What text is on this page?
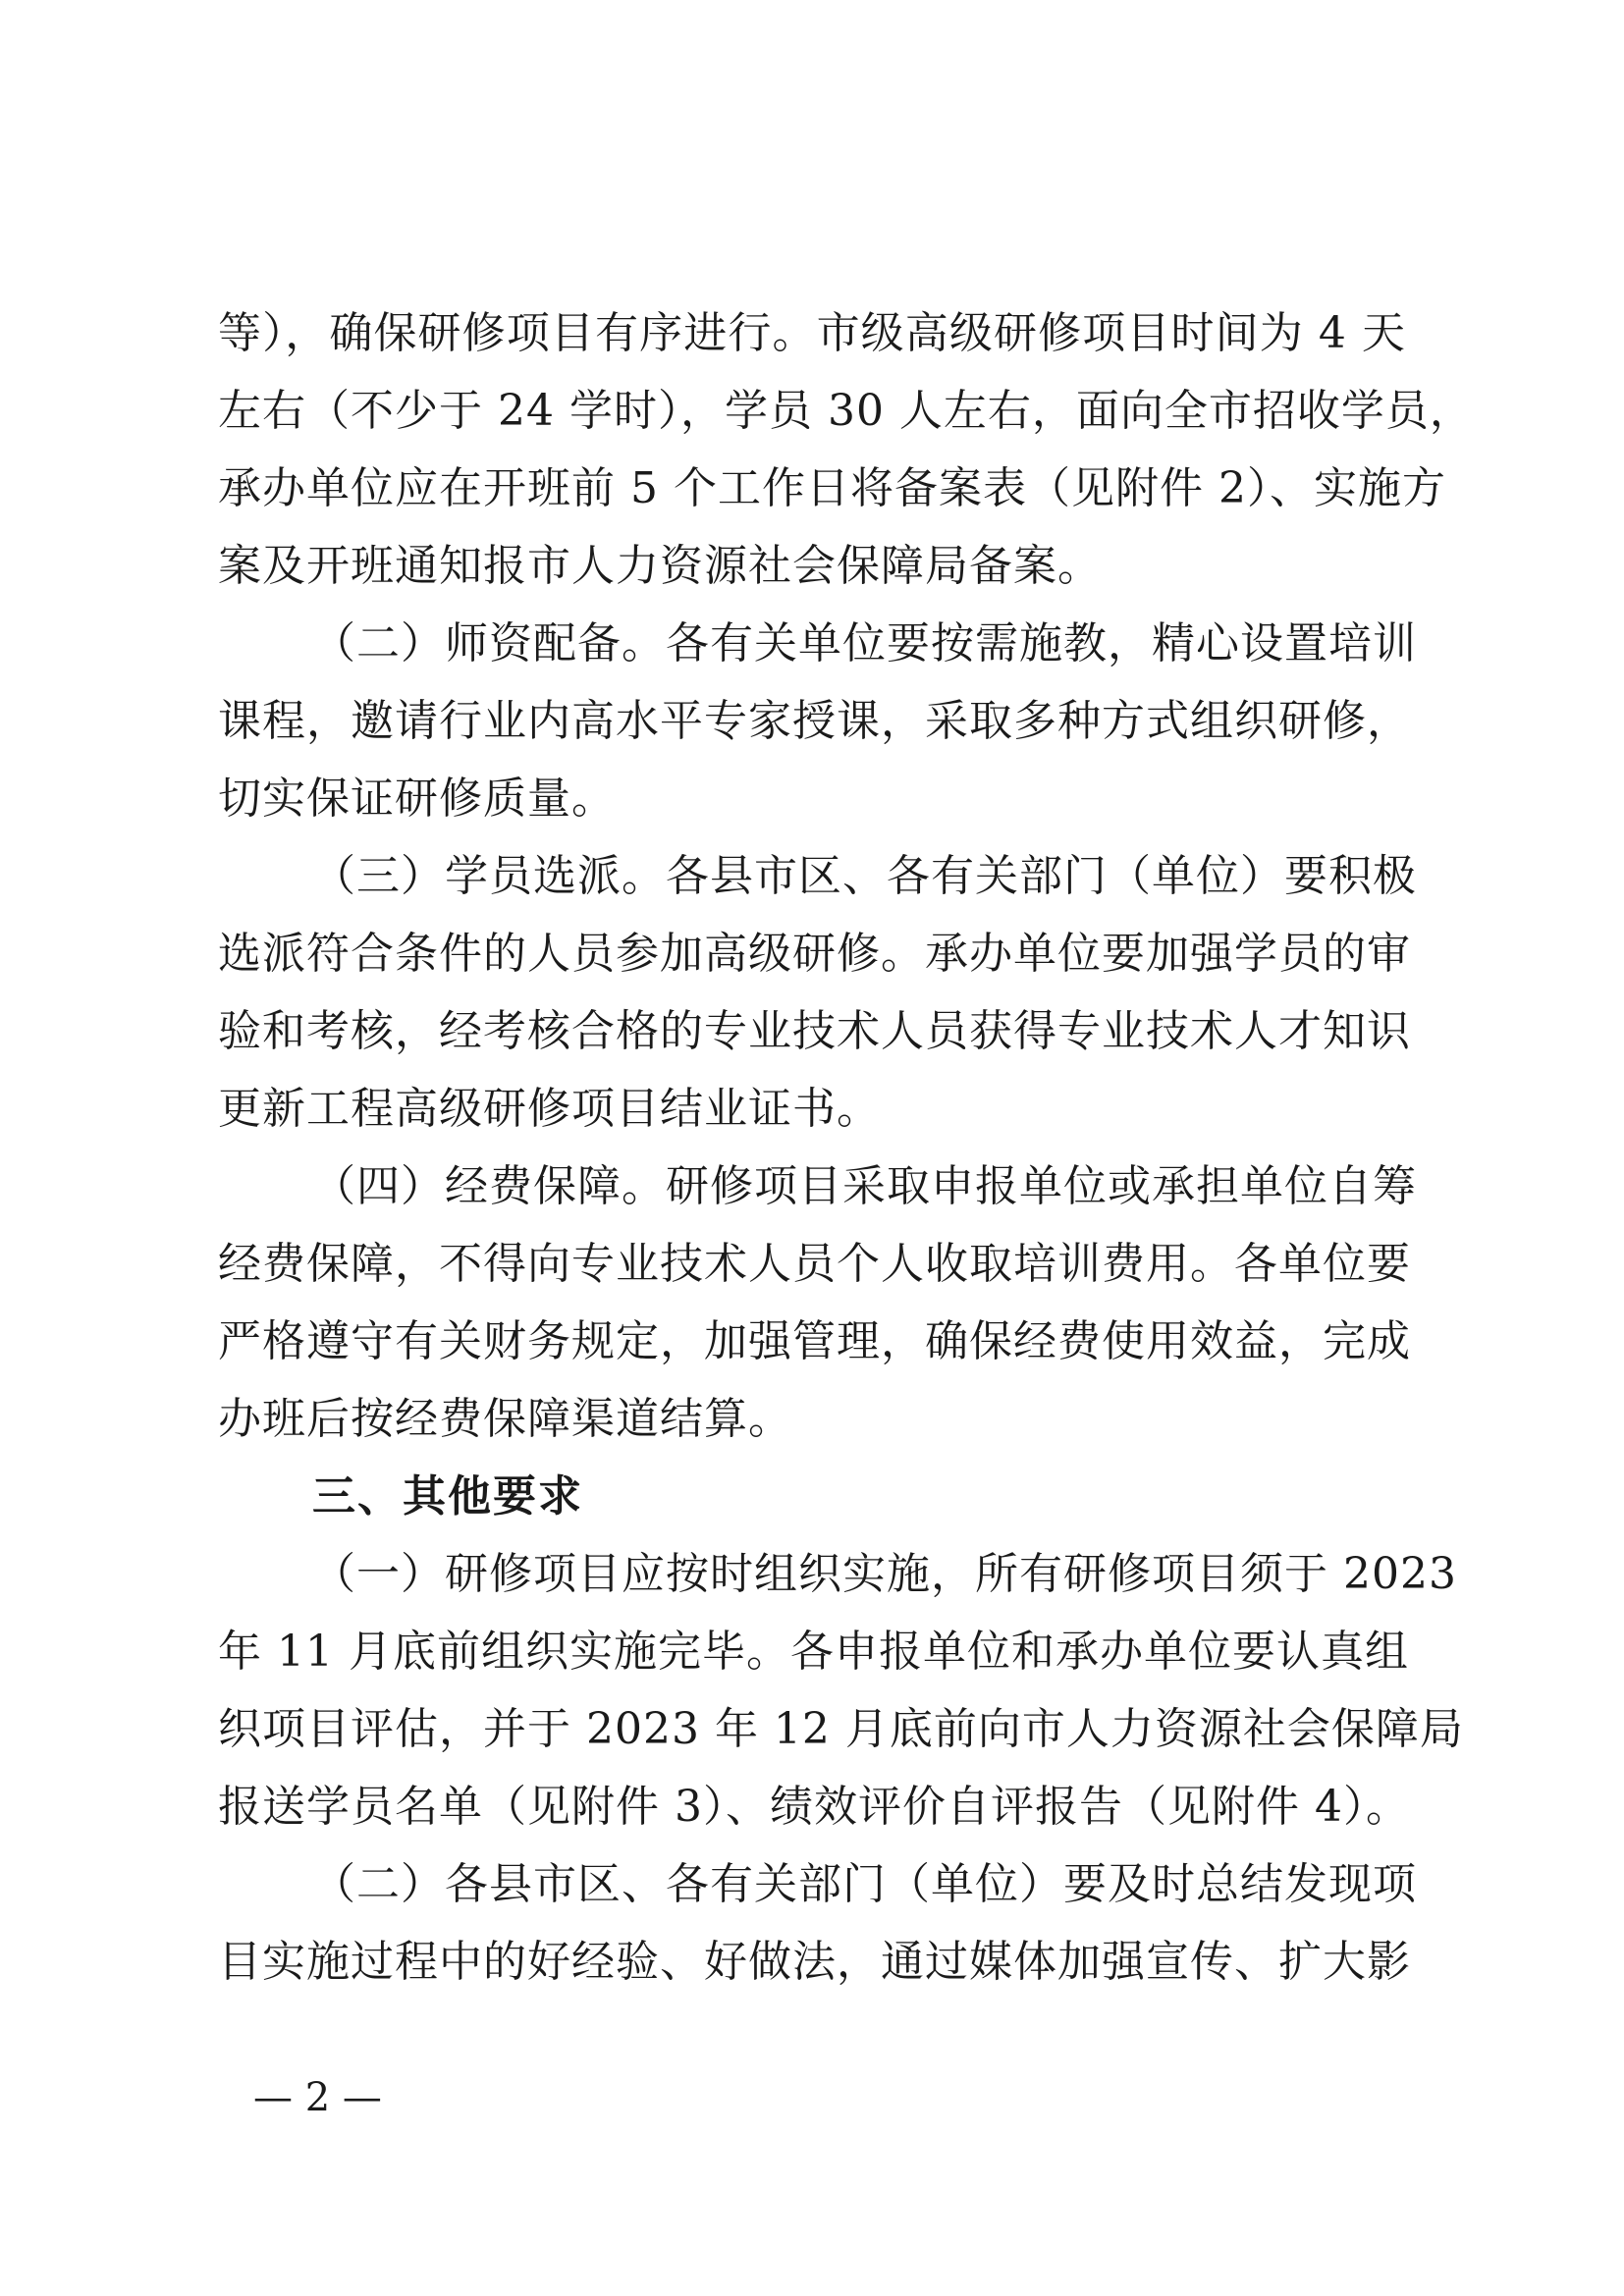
等），确保研修项目有序进行。市级高级研修项目时间为 4 天
左右（不少于 24 学时），学员 30 人左右，面向全市招收学员，
承办单位应在开班前 5 个工作日将备案表（见附件 2）、实施方
案及开班通知报市人力资源社会保障局备案。
（二）师资配备。各有关单位要按需施教，精心设置培训
课程，邀请行业内高水平专家授课，采取多种方式组织研修，
切实保证研修质量。
（三）学员选派。各县市区、各有关部门（单位）要积极
选派符合条件的人员参加高级研修。承办单位要加强学员的审
验和考核，经考核合格的专业技术人员获得专业技术人才知识
更新工程高级研修项目结业证书。
（四）经费保障。研修项目采取申报单位或承担单位自筹
经费保障，不得向专业技术人员个人收取培训费用。各单位要
严格遵守有关财务规定，加强管理，确保经费使用效益，完成
办班后按经费保障渠道结算。
三、其他要求
（一）研修项目应按时组织实施，所有研修项目须于 2023
年 11 月底前组织实施完毕。各申报单位和承办单位要认真组
织项目评估，并于 2023 年 12 月底前向市人力资源社会保障局
报送学员名单（见附件 3）、绩效评价自评报告（见附件 4）。
（二）各县市区、各有关部门（单位）要及时总结发现项
目实施过程中的好经验、好做法，通过媒体加强宣传、扩大影
— 2 —
